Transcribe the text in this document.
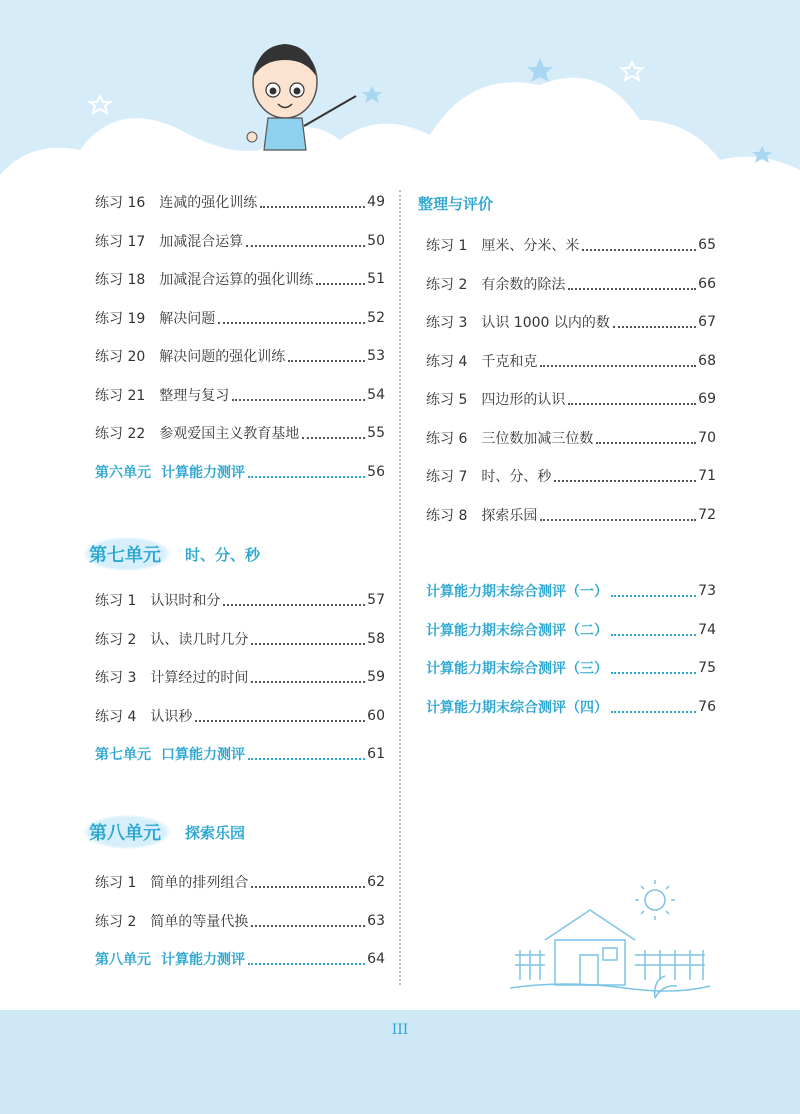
练习 16 连减的强化训练	49
练习 17 加减混合运算	50
练习 18 加减混合运算的强化训练	51
练习 19 解决问题	52
练习 20 解决问题的强化训练	53
练习 21 整理与复习	54
练习 22 参观爱国主义教育基地	55
第六单元 计算能力测评	56
第七单元	时、分、秒
练习 1 认识时和分	57
练习 2 认、读几时几分	58
练习 3 计算经过的时间	59
练习 4 认识秒	60
第七单元 口算能力测评	61
第八单元	探索乐园
练习 1 简单的排列组合	62
练习 2 简单的等量代换	63
第八单元 计算能力测评	64
整理与评价
练习 1 厘米、分米、米	65
练习 2 有余数的除法	66
练习 3 认识 1000 以内的数	67
练习 4 千克和克	68
练习 5 四边形的认识	69
练习 6 三位数加减三位数	70
练习 7 时、分、秒	71
练习 8 探索乐园	72
计算能力期末综合测评（一）	73
计算能力期末综合测评（二）	74
计算能力期末综合测评（三）	75
计算能力期末综合测评（四）	76
III
